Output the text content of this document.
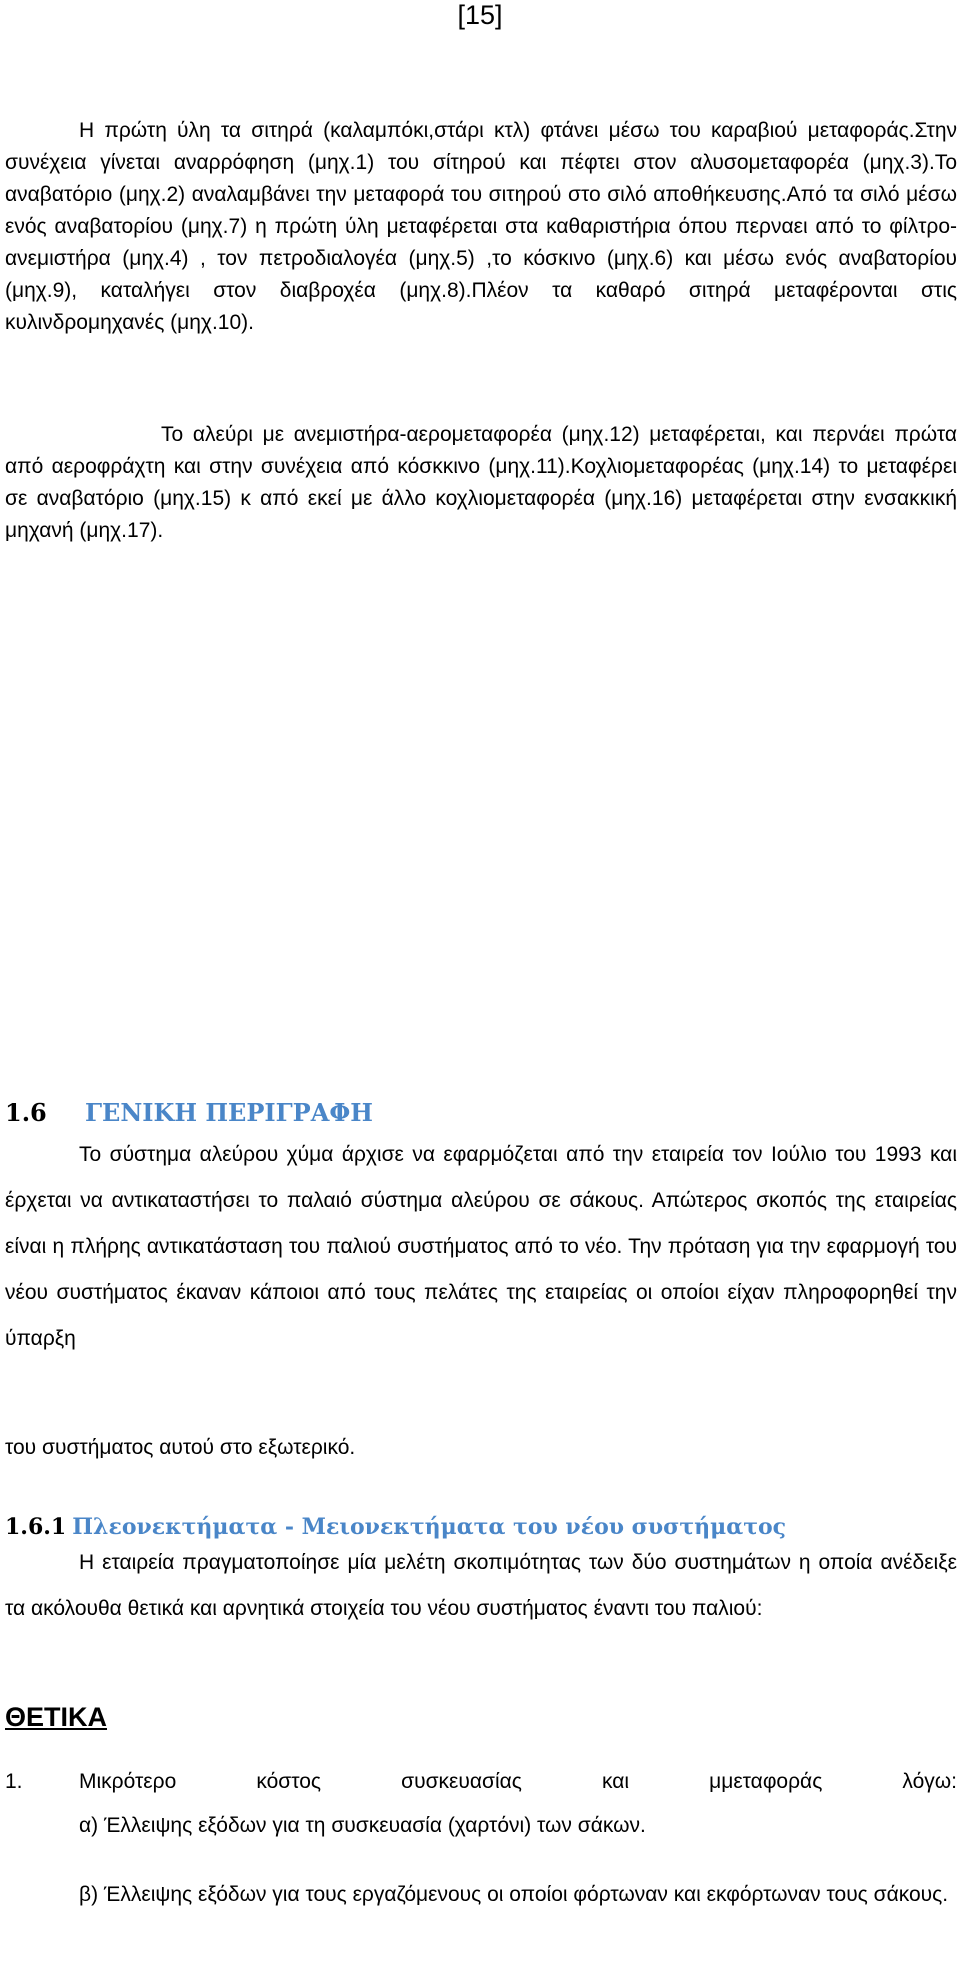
[15]

Η πρώτη ύλη τα σιτηρά (καλαμπόκι,στάρι κτλ) φτάνει μέσω του καραβιού μεταφοράς.Στην συνέχεια γίνεται αναρρόφηση (μηχ.1) του σίτηρού και πέφτει στον αλυσομεταφορέα (μηχ.3).Το αναβατόριο (μηχ.2) αναλαμβάνει την μεταφορά του σιτηρού στο σιλό αποθήκευσης.Από τα σιλό μέσω ενός αναβατορίου (μηχ.7) η πρώτη ύλη μεταφέρεται στα καθαριστήρια όπου περναει από το φίλτρο-ανεμιστήρα (μηχ.4) , τον πετροδιαλογέα (μηχ.5) ,το κόσκινο (μηχ.6) και μέσω ενός αναβατορίου (μηχ.9), καταλήγει στον διαβροχέα (μηχ.8).Πλέον τα καθαρό σιτηρά μεταφέρονται στις κυλινδρομηχανές (μηχ.10).

Το αλεύρι με ανεμιστήρα-αερομεταφορέα (μηχ.12) μεταφέρεται, και περνάει πρώτα από αεροφράχτη και στην συνέχεια από κόσκκινο (μηχ.11).Κοχλιομεταφορέας (μηχ.14) το μεταφέρει σε αναβατόριο (μηχ.15) κ από εκεί με άλλο κοχλιομεταφορέα (μηχ.16) μεταφέρεται στην ενσακκική μηχανή (μηχ.17).

1.6 ΓΕΝΙΚΗ ΠΕΡΙΓΡΑΦΗ

Το σύστημα αλεύρου χύμα άρχισε να εφαρμόζεται από την εταιρεία τον Ιούλιο του 1993 και έρχεται να αντικαταστήσει το παλαιό σύστημα αλεύρου σε σάκους. Απώτερος σκοπός της εταιρείας είναι η πλήρης αντικατάσταση του παλιού συστήματος από το νέο. Την πρόταση για την εφαρμογή του νέου συστήματος έκαναν κάποιοι από τους πελάτες της εταιρείας οι οποίοι είχαν πληροφορηθεί την ύπαρξη

του συστήματος αυτού στο εξωτερικό.

1.6.1 Πλεονεκτήματα - Μειονεκτήματα του νέου συστήματος

Η εταιρεία πραγματοποίησε μία μελέτη σκοπιμότητας των δύο συστημάτων η οποία ανέδειξε τα ακόλουθα θετικά και αρνητικά στοιχεία του νέου συστήματος έναντι του παλιού:

ΘΕΤΙΚΑ
1.	Μικρότερο κόστος συσκευασίας και μμεταφοράς λόγω:
α) Έλλειψης εξόδων για τη συσκευασία (χαρτόνι) των σάκων.
β) Έλλειψης εξόδων για τους εργαζόμενους οι οποίοι φόρτωναν και εκφόρτωναν τους σάκους.
